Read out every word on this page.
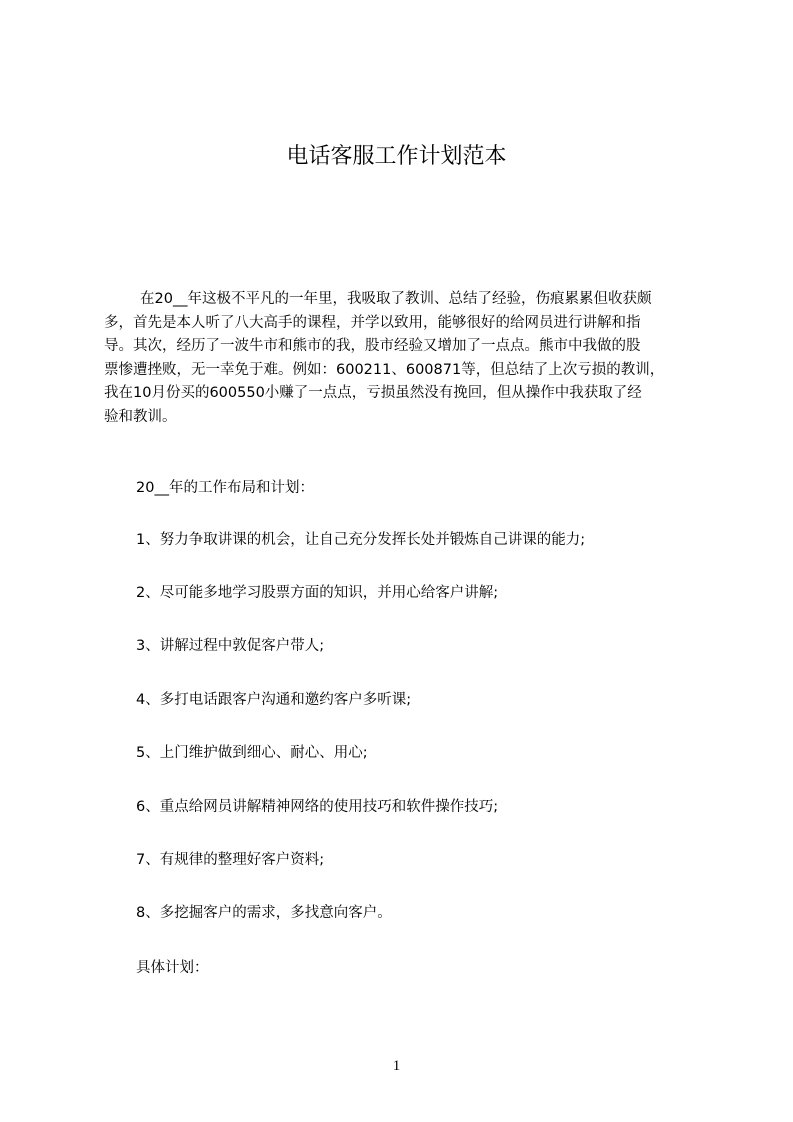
电话客服工作计划范本
在20__年这极不平凡的一年里，我吸取了教训、总结了经验，伤痕累累但收获颇
多，首先是本人听了八大高手的课程，并学以致用，能够很好的给网员进行讲解和指
导。其次，经历了一波牛市和熊市的我，股市经验又增加了一点点。熊市中我做的股
票惨遭挫败，无一幸免于难。例如：600211、600871等，但总结了上次亏损的教训，
我在10月份买的600550小赚了一点点，亏损虽然没有挽回，但从操作中我获取了经
验和教训。
20__年的工作布局和计划：
1、努力争取讲课的机会，让自己充分发挥长处并锻炼自己讲课的能力;
2、尽可能多地学习股票方面的知识，并用心给客户讲解;
3、讲解过程中敦促客户带人;
4、多打电话跟客户沟通和邀约客户多听课;
5、上门维护做到细心、耐心、用心;
6、重点给网员讲解精神网络的使用技巧和软件操作技巧;
7、有规律的整理好客户资料;
8、多挖掘客户的需求，多找意向客户。
具体计划：
1
